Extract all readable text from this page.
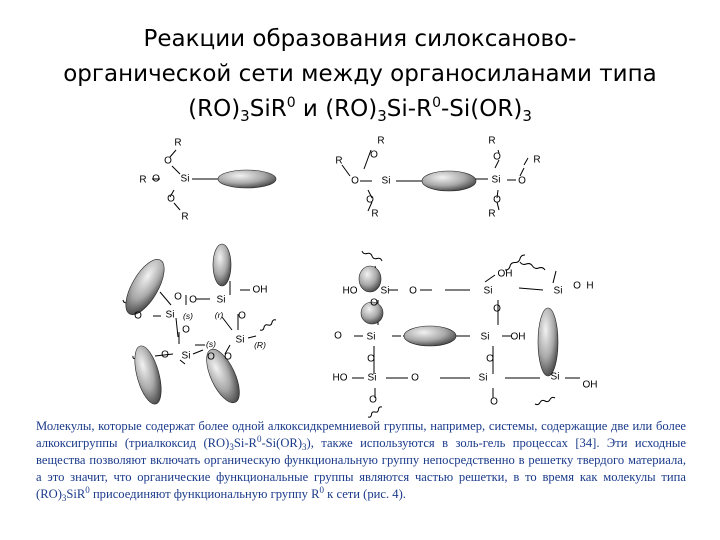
Реакции образования силоксаново-
органической сети между органосиланами типа
$(RO)_3SiR^0$ и $(RO)_3Si-R^0-Si(OR)_3$
R
O
Si
R O
O
R
R
O
R
O Si
O
R
R
O
Si O
R
O
R
O O Si
OH
O Si (s)	(r) O
O
Si (R)
(s)
Si
O	O O
HO Si O	Si
OH
O
O
Si O H
O Si	Si OH
O	O
HO Si	O	Si	Si
OH
O	O
Молекулы, которые содержат более одной алкоксидкремниевой группы, например, системы, содержащие две или более алкоксигруппы (триалкоксид $(RO)_3Si-R^0-Si(OR)_3$), также используются в золь-гель процессах [34]. Эти исходные вещества позволяют включать органическую функциональную группу непосредственно в решетку твердого материала, а это значит, что органические функциональные группы являются частью решетки, в то время как молекулы типа $(RO)_3SiR^0$ присоединяют функциональную группу $R^0$ к сети (рис. 4).
